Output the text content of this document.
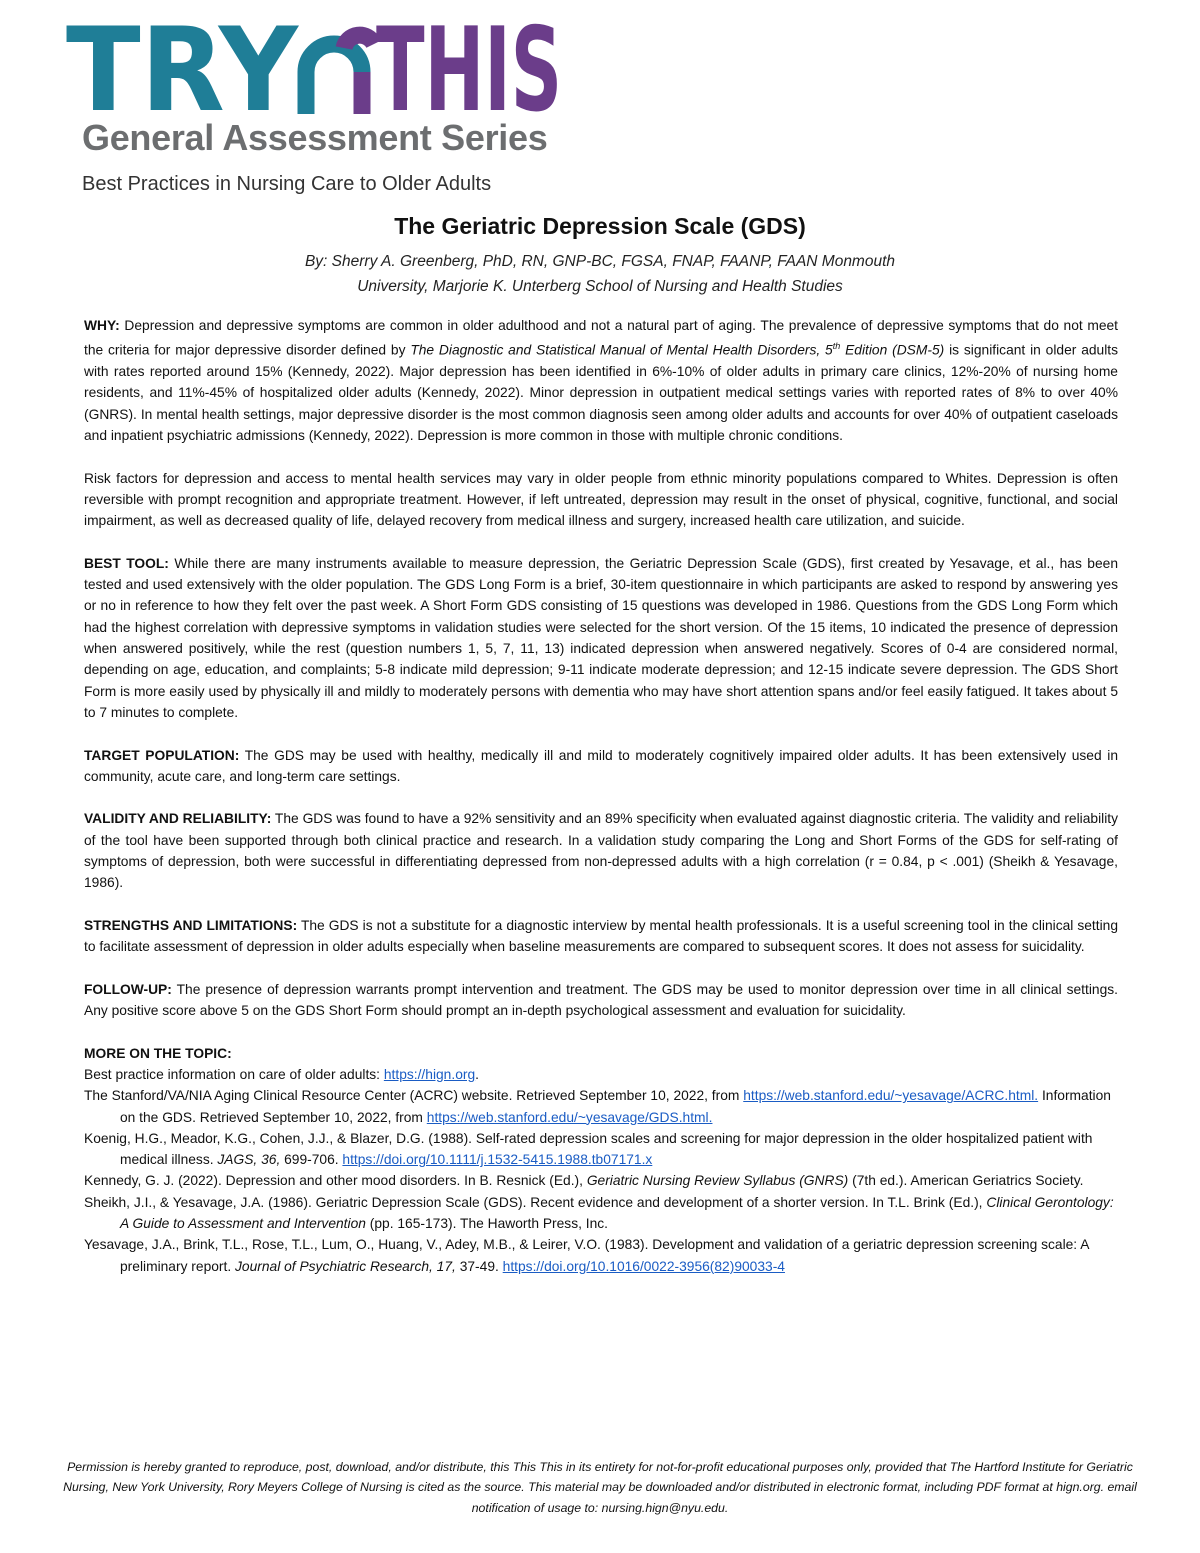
TRY THIS
General Assessment Series
Best Practices in Nursing Care to Older Adults
The Geriatric Depression Scale (GDS)
By: Sherry A. Greenberg, PhD, RN, GNP-BC, FGSA, FNAP, FAANP, FAAN Monmouth
University, Marjorie K. Unterberg School of Nursing and Health Studies

WHY: Depression and depressive symptoms are common in older adulthood and not a natural part of aging. The prevalence of depressive symptoms that do not meet the criteria for major depressive disorder defined by The Diagnostic and Statistical Manual of Mental Health Disorders, 5th Edition (DSM-5) is significant in older adults with rates reported around 15% (Kennedy, 2022). Major depression has been identified in 6%-10% of older adults in primary care clinics, 12%-20% of nursing home residents, and 11%-45% of hospitalized older adults (Kennedy, 2022). Minor depression in outpatient medical settings varies with reported rates of 8% to over 40% (GNRS). In mental health settings, major depressive disorder is the most common diagnosis seen among older adults and accounts for over 40% of outpatient caseloads and inpatient psychiatric admissions (Kennedy, 2022). Depression is more common in those with multiple chronic conditions.

Risk factors for depression and access to mental health services may vary in older people from ethnic minority populations compared to Whites. Depression is often reversible with prompt recognition and appropriate treatment. However, if left untreated, depression may result in the onset of physical, cognitive, functional, and social impairment, as well as decreased quality of life, delayed recovery from medical illness and surgery, increased health care utilization, and suicide.

BEST TOOL: While there are many instruments available to measure depression, the Geriatric Depression Scale (GDS), first created by Yesavage, et al., has been tested and used extensively with the older population. The GDS Long Form is a brief, 30-item questionnaire in which participants are asked to respond by answering yes or no in reference to how they felt over the past week. A Short Form GDS consisting of 15 questions was developed in 1986. Questions from the GDS Long Form which had the highest correlation with depressive symptoms in validation studies were selected for the short version. Of the 15 items, 10 indicated the presence of depression when answered positively, while the rest (question numbers 1, 5, 7, 11, 13) indicated depression when answered negatively. Scores of 0-4 are considered normal, depending on age, education, and complaints; 5-8 indicate mild depression; 9-11 indicate moderate depression; and 12-15 indicate severe depression. The GDS Short Form is more easily used by physically ill and mildly to moderately persons with dementia who may have short attention spans and/or feel easily fatigued. It takes about 5 to 7 minutes to complete.

TARGET POPULATION: The GDS may be used with healthy, medically ill and mild to moderately cognitively impaired older adults. It has been extensively used in community, acute care, and long-term care settings.

VALIDITY AND RELIABILITY: The GDS was found to have a 92% sensitivity and an 89% specificity when evaluated against diagnostic criteria. The validity and reliability of the tool have been supported through both clinical practice and research. In a validation study comparing the Long and Short Forms of the GDS for self-rating of symptoms of depression, both were successful in differentiating depressed from non-depressed adults with a high correlation (r = 0.84, p < .001) (Sheikh & Yesavage, 1986).

STRENGTHS AND LIMITATIONS: The GDS is not a substitute for a diagnostic interview by mental health professionals. It is a useful screening tool in the clinical setting to facilitate assessment of depression in older adults especially when baseline measurements are compared to subsequent scores. It does not assess for suicidality.

FOLLOW-UP: The presence of depression warrants prompt intervention and treatment. The GDS may be used to monitor depression over time in all clinical settings. Any positive score above 5 on the GDS Short Form should prompt an in-depth psychological assessment and evaluation for suicidality.

MORE ON THE TOPIC:
Best practice information on care of older adults: https://hign.org.
The Stanford/VA/NIA Aging Clinical Resource Center (ACRC) website. Retrieved September 10, 2022, from https://web.stanford.edu/~yesavage/ACRC.html. Information on the GDS. Retrieved September 10, 2022, from https://web.stanford.edu/~yesavage/GDS.html.
Koenig, H.G., Meador, K.G., Cohen, J.J., & Blazer, D.G. (1988). Self-rated depression scales and screening for major depression in the older hospitalized patient with medical illness. JAGS, 36, 699-706. https://doi.org/10.1111/j.1532-5415.1988.tb07171.x
Kennedy, G. J. (2022). Depression and other mood disorders. In B. Resnick (Ed.), Geriatric Nursing Review Syllabus (GNRS) (7th ed.). American Geriatrics Society.
Sheikh, J.I., & Yesavage, J.A. (1986). Geriatric Depression Scale (GDS). Recent evidence and development of a shorter version. In T.L. Brink (Ed.), Clinical Gerontology: A Guide to Assessment and Intervention (pp. 165-173). The Haworth Press, Inc.
Yesavage, J.A., Brink, T.L., Rose, T.L., Lum, O., Huang, V., Adey, M.B., & Leirer, V.O. (1983). Development and validation of a geriatric depression screening scale: A preliminary report. Journal of Psychiatric Research, 17, 37-49. https://doi.org/10.1016/0022-3956(82)90033-4
Permission is hereby granted to reproduce, post, download, and/or distribute, this This This in its entirety for not-for-profit educational purposes only, provided that The Hartford Institute for Geriatric Nursing, New York University, Rory Meyers College of Nursing is cited as the source. This material may be downloaded and/or distributed in electronic format, including PDF format at hign.org. email notification of usage to: nursing.hign@nyu.edu.
